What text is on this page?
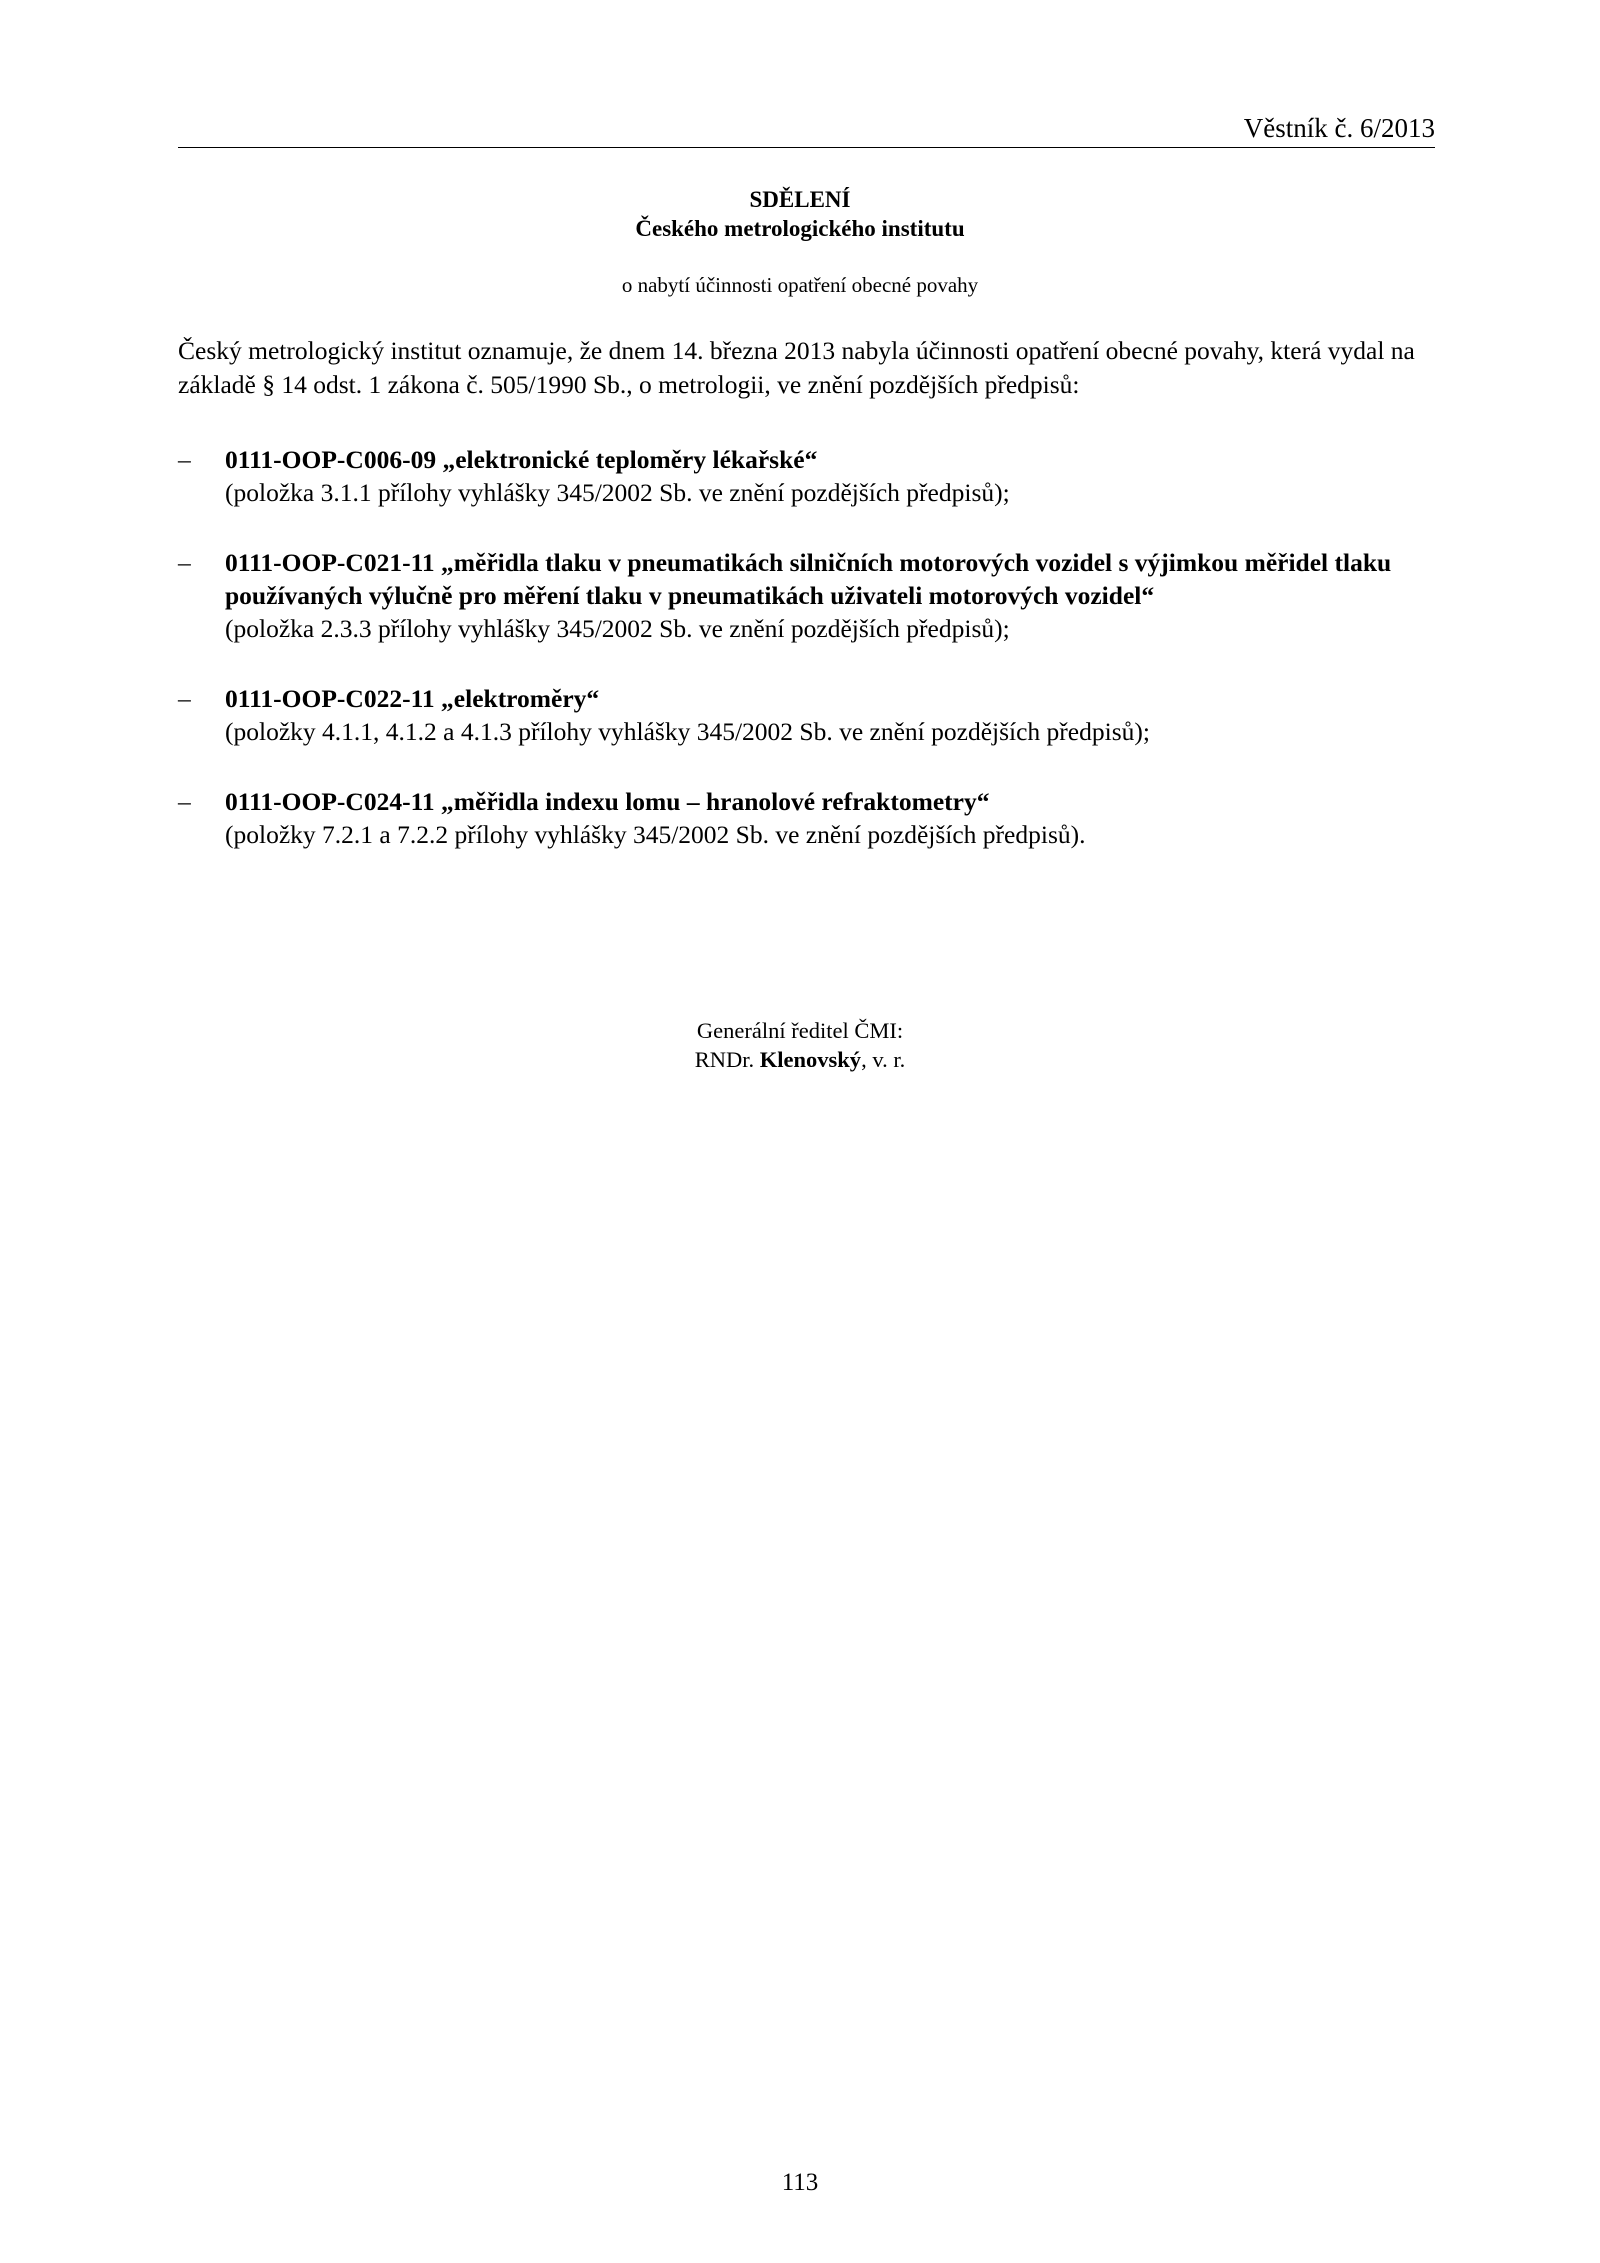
Věstník č. 6/2013
SDĚLENÍ
Českého metrologického institutu
o nabytí účinnosti opatření obecné povahy
Český metrologický institut oznamuje, že dnem 14. března 2013 nabyla účinnosti opatření obecné povahy, která vydal na základě § 14 odst. 1 zákona č. 505/1990 Sb., o metrologii, ve znění pozdějších předpisů:
– 0111-OOP-C006-09 „elektronické teploměry lékařské“
(položka 3.1.1 přílohy vyhlášky 345/2002 Sb. ve znění pozdějších předpisů);
– 0111-OOP-C021-11 „měřidla tlaku v pneumatikách silničních motorových vozidel s výjimkou měřidel tlaku používaných výlučně pro měření tlaku v pneumatikách uživateli motorových vozidel“
(položka 2.3.3 přílohy vyhlášky 345/2002 Sb. ve znění pozdějších předpisů);
– 0111-OOP-C022-11 „elektroměry“
(položky 4.1.1, 4.1.2 a 4.1.3 přílohy vyhlášky 345/2002 Sb. ve znění pozdějších předpisů);
– 0111-OOP-C024-11 „měřidla indexu lomu – hranolové refraktometry“
(položky 7.2.1 a 7.2.2 přílohy vyhlášky 345/2002 Sb. ve znění pozdějších předpisů).
Generální ředitel ČMI:
RNDr. Klenovský, v. r.
113
